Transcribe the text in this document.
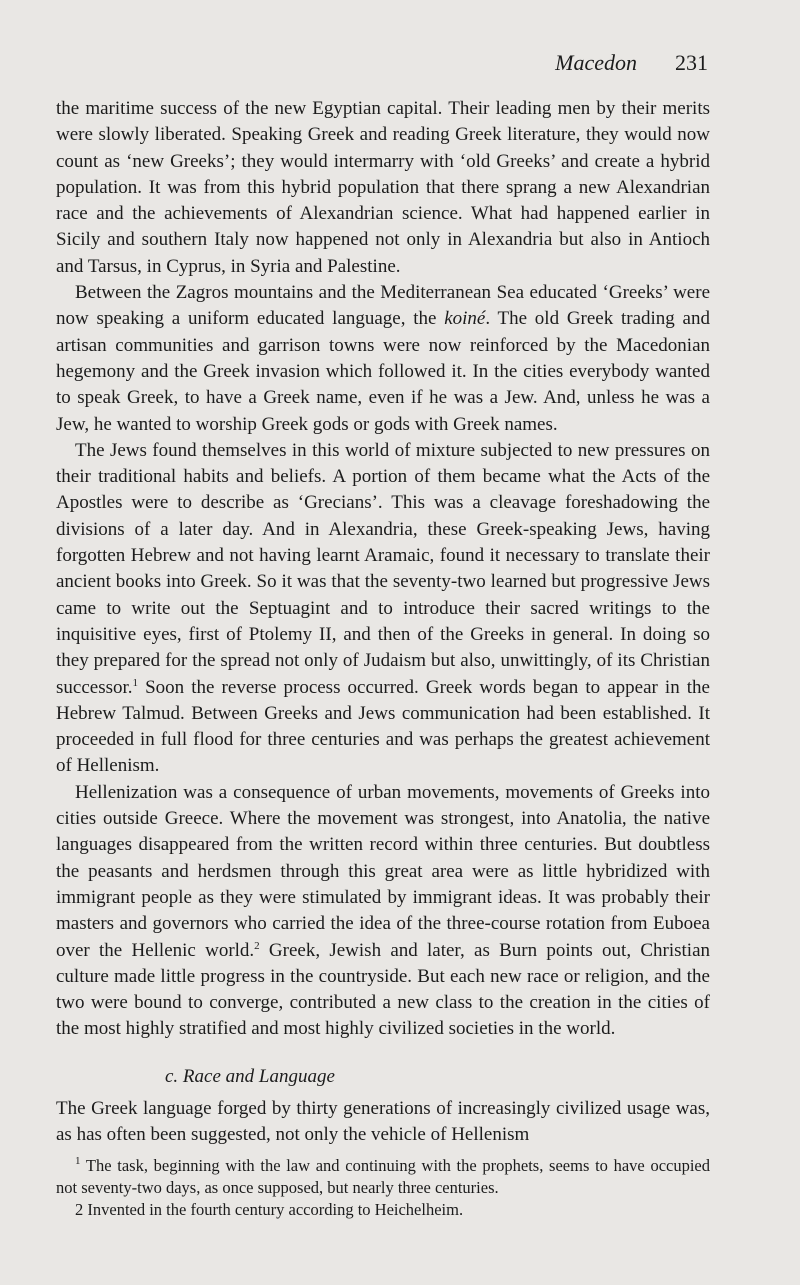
Macedon 231

the maritime success of the new Egyptian capital. Their leading men by their merits were slowly liberated. Speaking Greek and reading Greek literature, they would now count as ‘new Greeks’; they would intermarry with ‘old Greeks’ and create a hybrid population. It was from this hybrid population that there sprang a new Alexandrian race and the achievements of Alexandrian science. What had happened earlier in Sicily and southern Italy now happened not only in Alexandria but also in Antioch and Tarsus, in Cyprus, in Syria and Palestine.

Between the Zagros mountains and the Mediterranean Sea educated ‘Greeks’ were now speaking a uniform educated language, the koiné. The old Greek trading and artisan communities and garrison towns were now reinforced by the Macedonian hegemony and the Greek invasion which followed it. In the cities everybody wanted to speak Greek, to have a Greek name, even if he was a Jew. And, unless he was a Jew, he wanted to worship Greek gods or gods with Greek names.

The Jews found themselves in this world of mixture subjected to new pressures on their traditional habits and beliefs. A portion of them became what the Acts of the Apostles were to describe as ‘Grecians’. This was a cleavage foreshadowing the divisions of a later day. And in Alexandria, these Greek-speaking Jews, having forgotten Hebrew and not having learnt Aramaic, found it necessary to translate their ancient books into Greek. So it was that the seventy-two learned but progressive Jews came to write out the Septuagint and to introduce their sacred writings to the inquisitive eyes, first of Ptolemy II, and then of the Greeks in general. In doing so they prepared for the spread not only of Judaism but also, unwittingly, of its Christian successor.$^1$ Soon the reverse process occurred. Greek words began to appear in the Hebrew Talmud. Between Greeks and Jews communication had been established. It proceeded in full flood for three centuries and was perhaps the greatest achievement of Hellenism.

Hellenization was a consequence of urban movements, movements of Greeks into cities outside Greece. Where the movement was strongest, into Anatolia, the native languages disappeared from the written record within three centuries. But doubtless the peasants and herdsmen through this great area were as little hybridized with immigrant people as they were stimulated by immigrant ideas. It was probably their masters and governors who carried the idea of the three-course rotation from Euboea over the Hellenic world.$^2$ Greek, Jewish and later, as Burn points out, Christian culture made little progress in the countryside. But each new race or religion, and the two were bound to converge, contributed a new class to the creation in the cities of the most highly stratified and most highly civilized societies in the world.

c. Race and Language

The Greek language forged by thirty generations of increasingly civilized usage was, as has often been suggested, not only the vehicle of Hellenism

$^1$ The task, beginning with the law and continuing with the prophets, seems to have occupied not seventy-two days, as once supposed, but nearly three centuries.

2 Invented in the fourth century according to Heichelheim.
